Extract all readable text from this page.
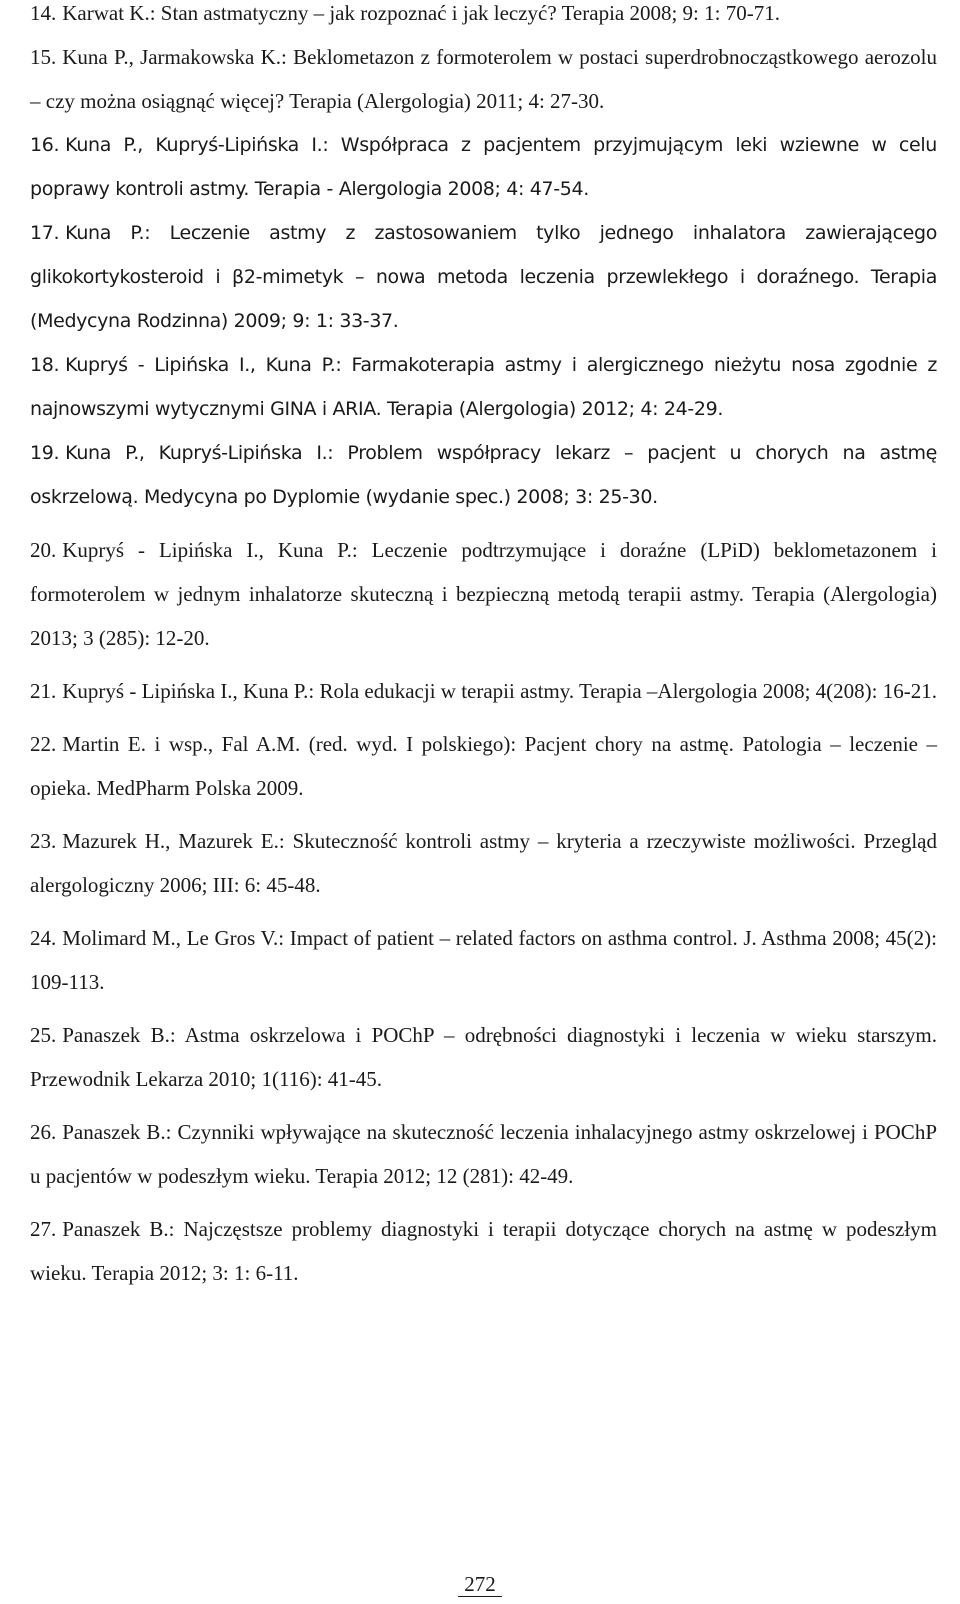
14. Karwat K.: Stan astmatyczny – jak rozpoznać i jak leczyć? Terapia 2008; 9: 1: 70-71.

15. Kuna P., Jarmakowska K.: Beklometazon z formoterolem w postaci superdrobnocząstkowego aerozolu – czy można osiągnąć więcej? Terapia (Alergologia) 2011; 4: 27-30.

16. Kuna P., Kupryś-Lipińska I.: Współpraca z pacjentem przyjmującym leki wziewne w celu poprawy kontroli astmy. Terapia - Alergologia 2008; 4: 47-54.

17. Kuna P.: Leczenie astmy z zastosowaniem tylko jednego inhalatora zawierającego glikokortykosteroid i β2-mimetyk – nowa metoda leczenia przewlekłego i doraźnego. Terapia (Medycyna Rodzinna) 2009; 9: 1: 33-37.

18. Kupryś - Lipińska I., Kuna P.: Farmakoterapia astmy i alergicznego nieżytu nosa zgodnie z najnowszymi wytycznymi GINA i ARIA. Terapia (Alergologia) 2012; 4: 24-29.

19. Kuna P., Kupryś-Lipińska I.: Problem współpracy lekarz – pacjent u chorych na astmę oskrzelową. Medycyna po Dyplomie (wydanie spec.) 2008; 3: 25-30.

20. Kupryś - Lipińska I., Kuna P.: Leczenie podtrzymujące i doraźne (LPiD) beklometazonem i formoterolem w jednym inhalatorze skuteczną i bezpieczną metodą terapii astmy. Terapia (Alergologia) 2013; 3 (285): 12-20.

21. Kupryś - Lipińska I., Kuna P.: Rola edukacji w terapii astmy. Terapia –Alergologia 2008; 4(208): 16-21.

22. Martin E. i wsp., Fal A.M. (red. wyd. I polskiego): Pacjent chory na astmę. Patologia – leczenie – opieka. MedPharm Polska 2009.

23. Mazurek H., Mazurek E.: Skuteczność kontroli astmy – kryteria a rzeczywiste możliwości. Przegląd alergologiczny 2006; III: 6: 45-48.

24. Molimard M., Le Gros V.: Impact of patient – related factors on asthma control. J. Asthma 2008; 45(2): 109-113.

25. Panaszek B.: Astma oskrzelowa i POChP – odrębności diagnostyki i leczenia w wieku starszym. Przewodnik Lekarza 2010; 1(116): 41-45.

26. Panaszek B.: Czynniki wpływające na skuteczność leczenia inhalacyjnego astmy oskrzelowej i POChP u pacjentów w podeszłym wieku. Terapia 2012; 12 (281): 42-49.

27. Panaszek B.: Najczęstsze problemy diagnostyki i terapii dotyczące chorych na astmę w podeszłym wieku. Terapia 2012; 3: 1: 6-11.

272
